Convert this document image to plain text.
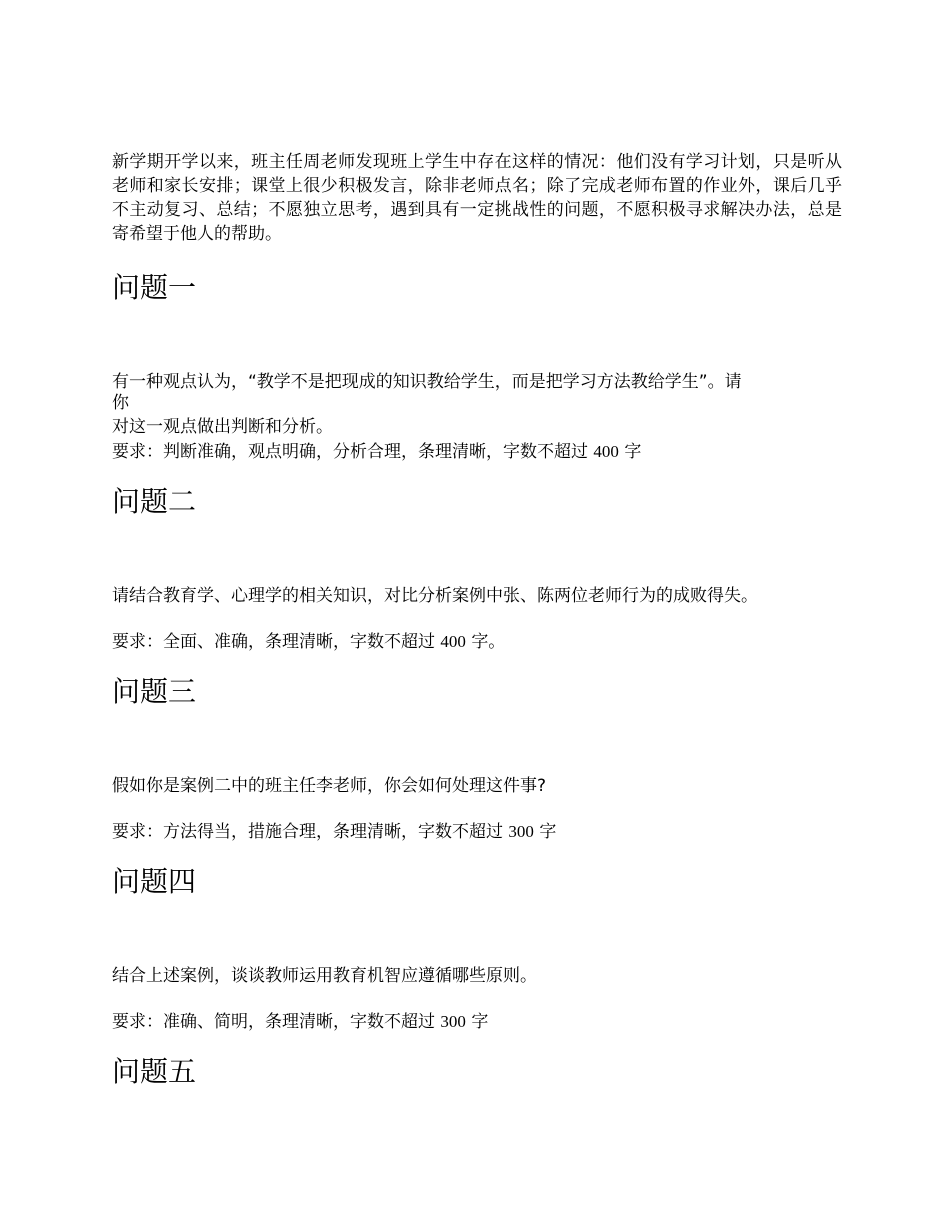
新学期开学以来，班主任周老师发现班上学生中存在这样的情况：他们没有学习计划，只是听从老师和家长安排；课堂上很少积极发言，除非老师点名；除了完成老师布置的作业外，课后几乎不主动复习、总结；不愿独立思考，遇到具有一定挑战性的问题，不愿积极寻求解决办法，总是寄希望于他人的帮助。

问题一

有一种观点认为，“教学不是把现成的知识教给学生，而是把学习方法教给学生”。请

你

对这一观点做出判断和分析。

要求：判断准确，观点明确，分析合理，条理清晰，字数不超过 400 字

问题二

请结合教育学、心理学的相关知识，对比分析案例中张、陈两位老师行为的成败得失。

要求：全面、准确，条理清晰，字数不超过 400 字。

问题三

假如你是案例二中的班主任李老师，你会如何处理这件事?

要求：方法得当，措施合理，条理清晰，字数不超过 300 字

问题四

结合上述案例，谈谈教师运用教育机智应遵循哪些原则。

要求：准确、简明，条理清晰，字数不超过 300 字

问题五
